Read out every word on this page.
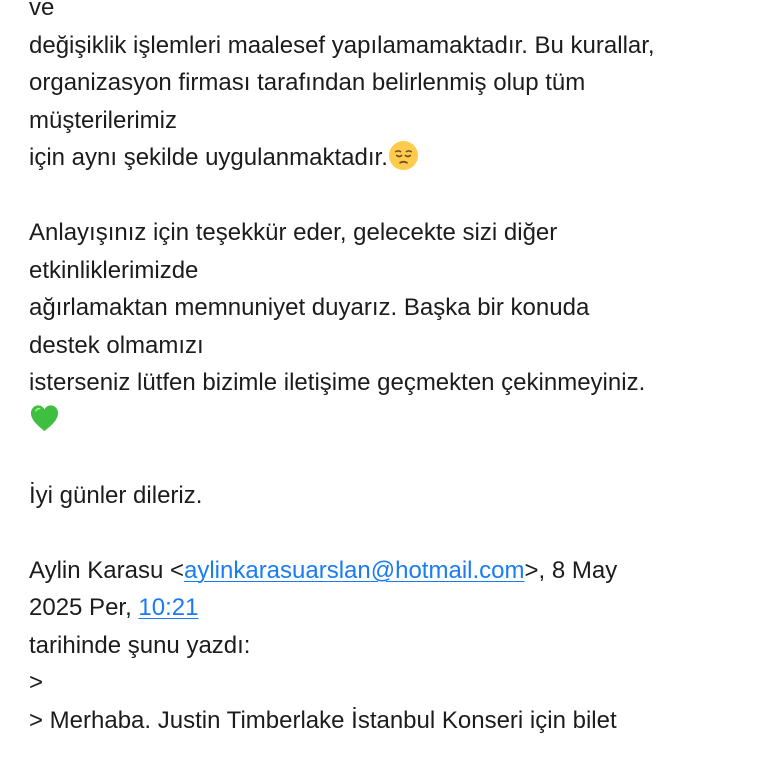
ve
değişiklik işlemleri maalesef yapılamamaktadır. Bu kurallar,
organizasyon firması tarafından belirlenmiş olup tüm
müşterilerimiz
için aynı şekilde uygulanmaktadır.
Anlayışınız için teşekkür eder, gelecekte sizi diğer
etkinliklerimizde
ağırlamaktan memnuniyet duyarız. Başka bir konuda
destek olmamızı
isterseniz lütfen bizimle iletişime geçmekten çekinmeyiniz.
İyi günler dileriz.
Aylin Karasu <aylinkarasuarslan@hotmail.com>, 8 May
2025 Per, 10:21
tarihinde şunu yazdı:
>
> Merhaba. Justin Timberlake İstanbul Konseri için bilet
